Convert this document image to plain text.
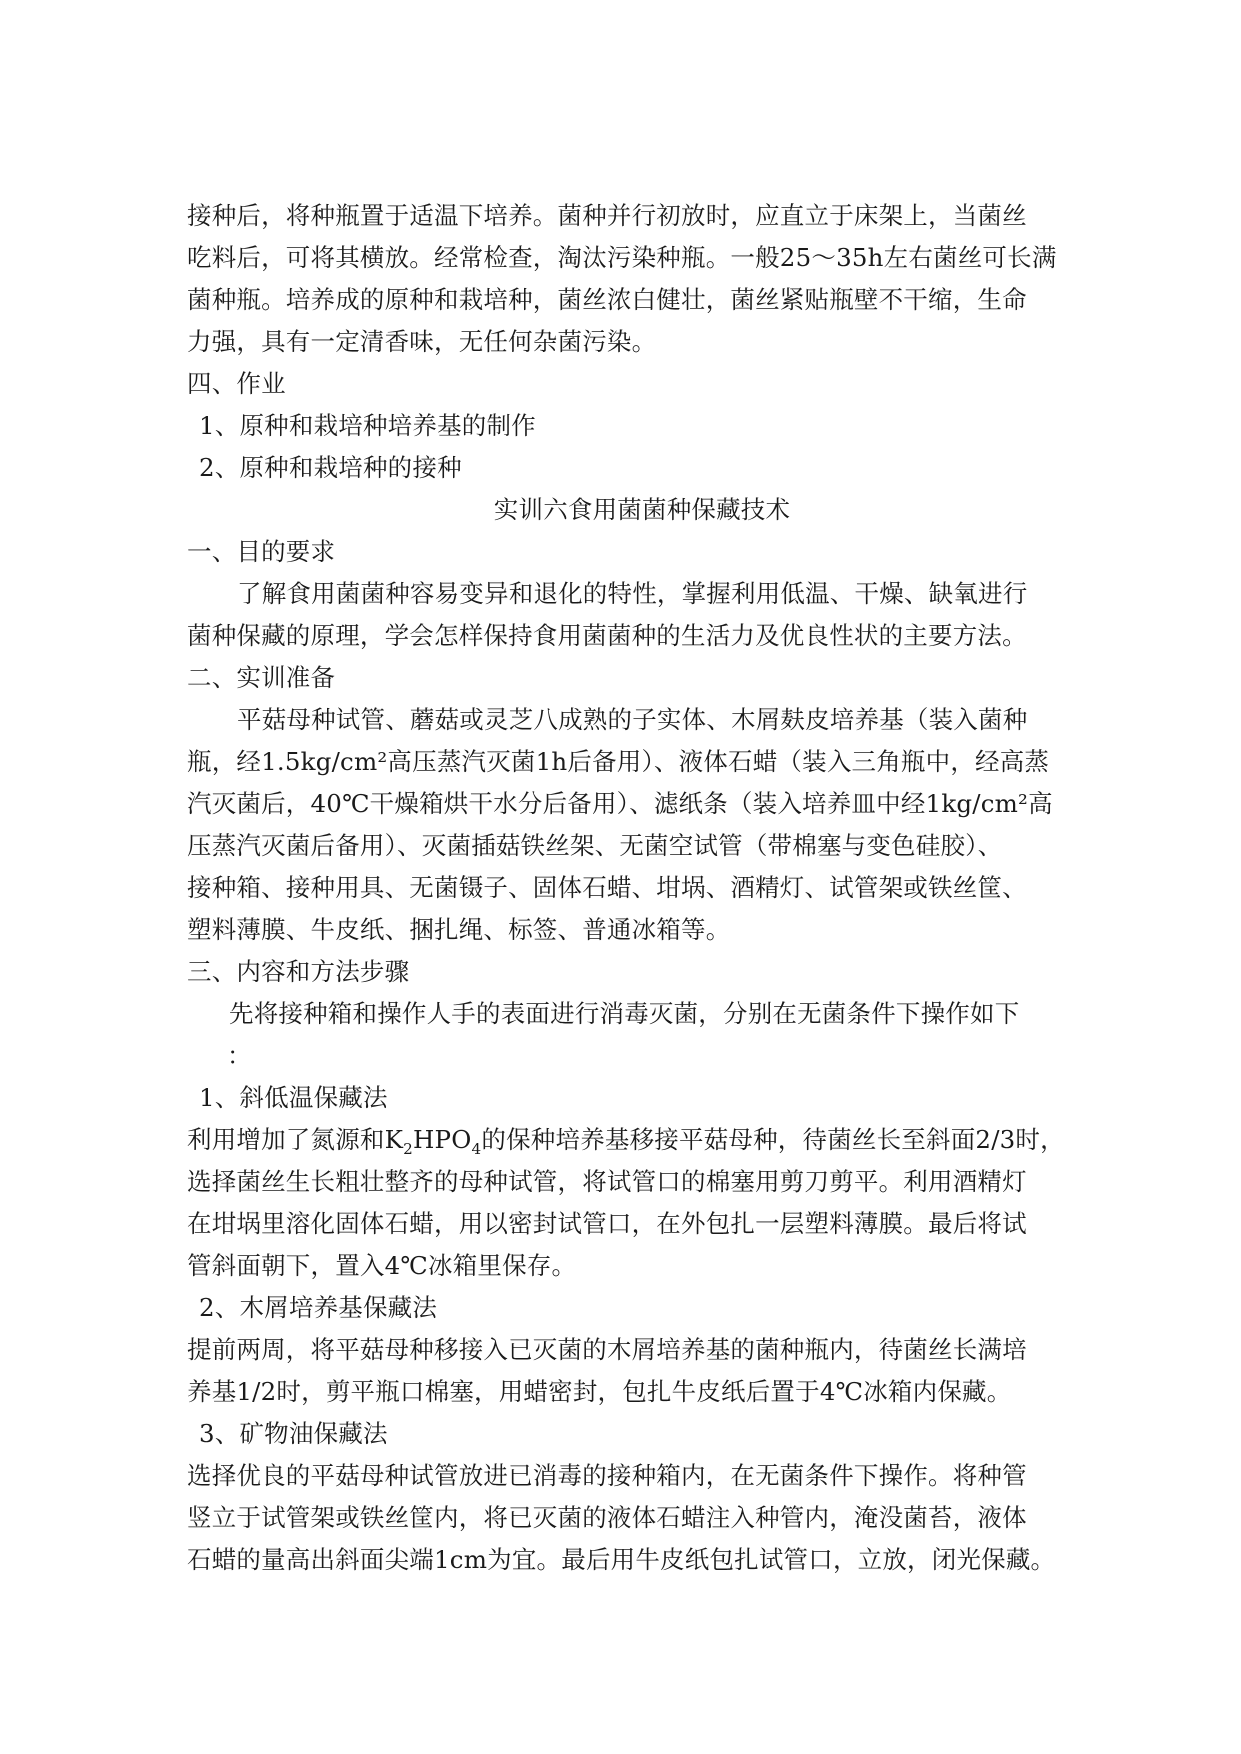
接种后，将种瓶置于适温下培养。菌种并行初放时，应直立于床架上，当菌丝
吃料后，可将其横放。经常检查，淘汰污染种瓶。一般25～35h左右菌丝可长满
菌种瓶。培养成的原种和栽培种，菌丝浓白健壮，菌丝紧贴瓶壁不干缩，生命
力强，具有一定清香味，无任何杂菌污染。
四、作业
1、原种和栽培种培养基的制作
2、原种和栽培种的接种
实训六食用菌菌种保藏技术
一、目的要求
了解食用菌菌种容易变异和退化的特性，掌握利用低温、干燥、缺氧进行
菌种保藏的原理，学会怎样保持食用菌菌种的生活力及优良性状的主要方法。
二、实训准备
平菇母种试管、蘑菇或灵芝八成熟的子实体、木屑麸皮培养基（装入菌种
瓶，经1.5kg/cm²高压蒸汽灭菌1h后备用）、液体石蜡（装入三角瓶中，经高蒸
汽灭菌后，40℃干燥箱烘干水分后备用）、滤纸条（装入培养皿中经1kg/cm²高
压蒸汽灭菌后备用）、灭菌插菇铁丝架、无菌空试管（带棉塞与变色硅胶）、
接种箱、接种用具、无菌镊子、固体石蜡、坩埚、酒精灯、试管架或铁丝筐、
塑料薄膜、牛皮纸、捆扎绳、标签、普通冰箱等。
三、内容和方法步骤
先将接种箱和操作人手的表面进行消毒灭菌，分别在无菌条件下操作如下
：
1、斜低温保藏法
利用增加了氮源和$K_2HPO_4$的保种培养基移接平菇母种，待菌丝长至斜面2/3时，
选择菌丝生长粗壮整齐的母种试管，将试管口的棉塞用剪刀剪平。利用酒精灯
在坩埚里溶化固体石蜡，用以密封试管口，在外包扎一层塑料薄膜。最后将试
管斜面朝下，置入4℃冰箱里保存。
2、木屑培养基保藏法
提前两周，将平菇母种移接入已灭菌的木屑培养基的菌种瓶内，待菌丝长满培
养基1/2时，剪平瓶口棉塞，用蜡密封，包扎牛皮纸后置于4℃冰箱内保藏。
3、矿物油保藏法
选择优良的平菇母种试管放进已消毒的接种箱内，在无菌条件下操作。将种管
竖立于试管架或铁丝筐内，将已灭菌的液体石蜡注入种管内，淹没菌苔，液体
石蜡的量高出斜面尖端1cm为宜。最后用牛皮纸包扎试管口，立放，闭光保藏。
